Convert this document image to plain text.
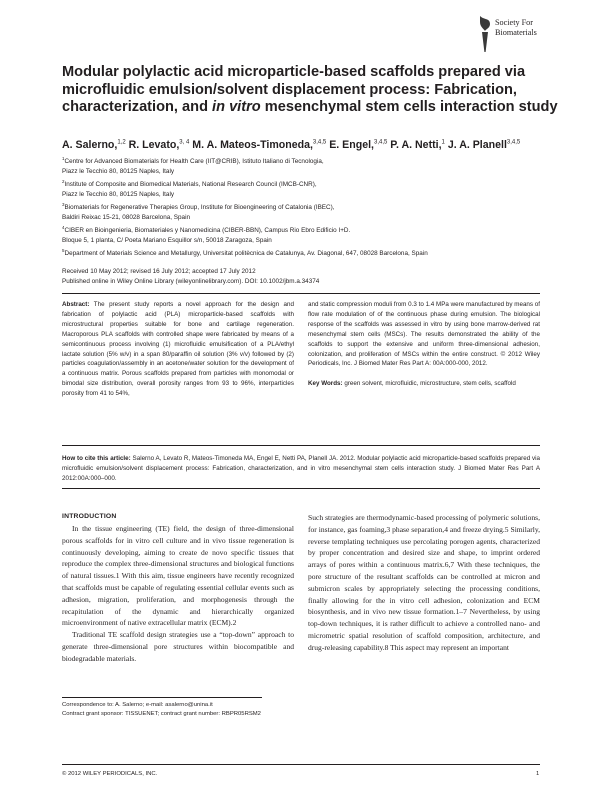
Society For
Biomaterials
Modular polylactic acid microparticle-based scaffolds prepared via microfluidic emulsion/solvent displacement process: Fabrication, characterization, and in vitro mesenchymal stem cells interaction study
A. Salerno,$^{1,2}$ R. Levato,$^{3, 4}$ M. A. Mateos-Timoneda,$^{3,4,5}$ E. Engel,$^{3,4,5}$ P. A. Netti,$^1$ J. A. Planell$^{3,4,5}$
$^1$Centre for Advanced Biomaterials for Health Care (IIT@CRIB), Istituto Italiano di Tecnologia,
Piazz le Tecchio 80, 80125 Naples, Italy
$^2$Institute of Composite and Biomedical Materials, National Research Council (IMCB-CNR),
Piazz le Tecchio 80, 80125 Naples, Italy
$^3$Biomaterials for Regenerative Therapies Group, Institute for Bioengineering of Catalonia (IBEC),
Baldiri Reixac 15-21, 08028 Barcelona, Spain
$^4$CIBER en Bioingenieria, Biomateriales y Nanomedicina (CIBER-BBN), Campus Rio Ebro Edificio I+D.
Bloque 5, 1 planta, C/ Poeta Mariano Esquillor s/n, 50018 Zaragoza, Spain
$^5$Department of Materials Science and Metallurgy, Universitat politècnica de Catalunya, Av. Diagonal, 647, 08028 Barcelona, Spain
Received 10 May 2012; revised 16 July 2012; accepted 17 July 2012
Published online in Wiley Online Library (wileyonlinelibrary.com). DOI: 10.1002/jbm.a.34374
Abstract: The present study reports a novel approach for the design and fabrication of polylactic acid (PLA) microparticle-based scaffolds with microstructural properties suitable for bone and cartilage regeneration. Macroporous PLA scaffolds with controlled shape were fabricated by means of a semicontinuous process involving (1) microfluidic emulsification of a PLA/ethyl lactate solution (5% w/v) in a span 80/paraffin oil solution (3% v/v) followed by (2) particles coagulation/assembly in an acetone/water solution for the development of a continuous matrix. Porous scaffolds prepared from particles with monomodal or bimodal size distribution, overall porosity ranges from 93 to 96%, interparticles porosity from 41 to 54%,
and static compression moduli from 0.3 to 1.4 MPa were manufactured by means of flow rate modulation of of the continuous phase during emulsion. The biological response of the scaffolds was assessed in vitro by using bone marrow-derived rat mesenchymal stem cells (MSCs). The results demonstrated the ability of the scaffolds to support the extensive and uniform three-dimensional adhesion, colonization, and proliferation of MSCs within the entire construct. © 2012 Wiley Periodicals, Inc. J Biomed Mater Res Part A: 00A:000-000, 2012.
Key Words: green solvent, microfluidic, microstructure, stem cells, scaffold
How to cite this article: Salerno A, Levato R, Mateos-Timoneda MA, Engel E, Netti PA, Planell JA. 2012. Modular polylactic acid microparticle-based scaffolds prepared via microfluidic emulsion/solvent displacement process: Fabrication, characterization, and in vitro mesenchymal stem cells interaction study. J Biomed Mater Res Part A 2012:00A:000–000.
INTRODUCTION

In the tissue engineering (TE) field, the design of three-dimensional porous scaffolds for in vitro cell culture and in vivo tissue regeneration is continuously developing, aiming to create de novo specific tissues that reproduce the complex three-dimensional structures and biological functions of natural tissues.1 With this aim, tissue engineers have recently recognized that scaffolds must be capable of regulating essential cellular events such as adhesion, migration, proliferation, and morphogenesis through the recapitulation of the dynamic and hierarchically organized microenvironment of native extracellular matrix (ECM).2

Traditional TE scaffold design strategies use a “top-down” approach to generate three-dimensional pore structures within biocompatible and biodegradable materials.

Such strategies are thermodynamic-based processing of polymeric solutions, for instance, gas foaming,3 phase separation,4 and freeze drying.5 Similarly, reverse templating techniques use percolating porogen agents, characterized by proper concentration and desired size and shape, to imprint ordered arrays of pores within a continuous matrix.6,7 With these techniques, the pore structure of the resultant scaffolds can be controlled at micron and submicron scales by appropriately selecting the processing conditions, finally allowing for the in vitro cell adhesion, colonization and ECM biosynthesis, and in vivo new tissue formation.1–7 Nevertheless, by using top-down techniques, it is rather difficult to achieve a controlled nano- and micrometric spatial resolution of scaffold composition, architecture, and drug-releasing capability.8 This aspect may represent an important

Correspondence to: A. Salerno; e-mail: asalerno@unina.it
Contract grant sponsor: TISSUENET; contract grant number: RBPR05RSM2
© 2012 WILEY PERIODICALS, INC.	1
